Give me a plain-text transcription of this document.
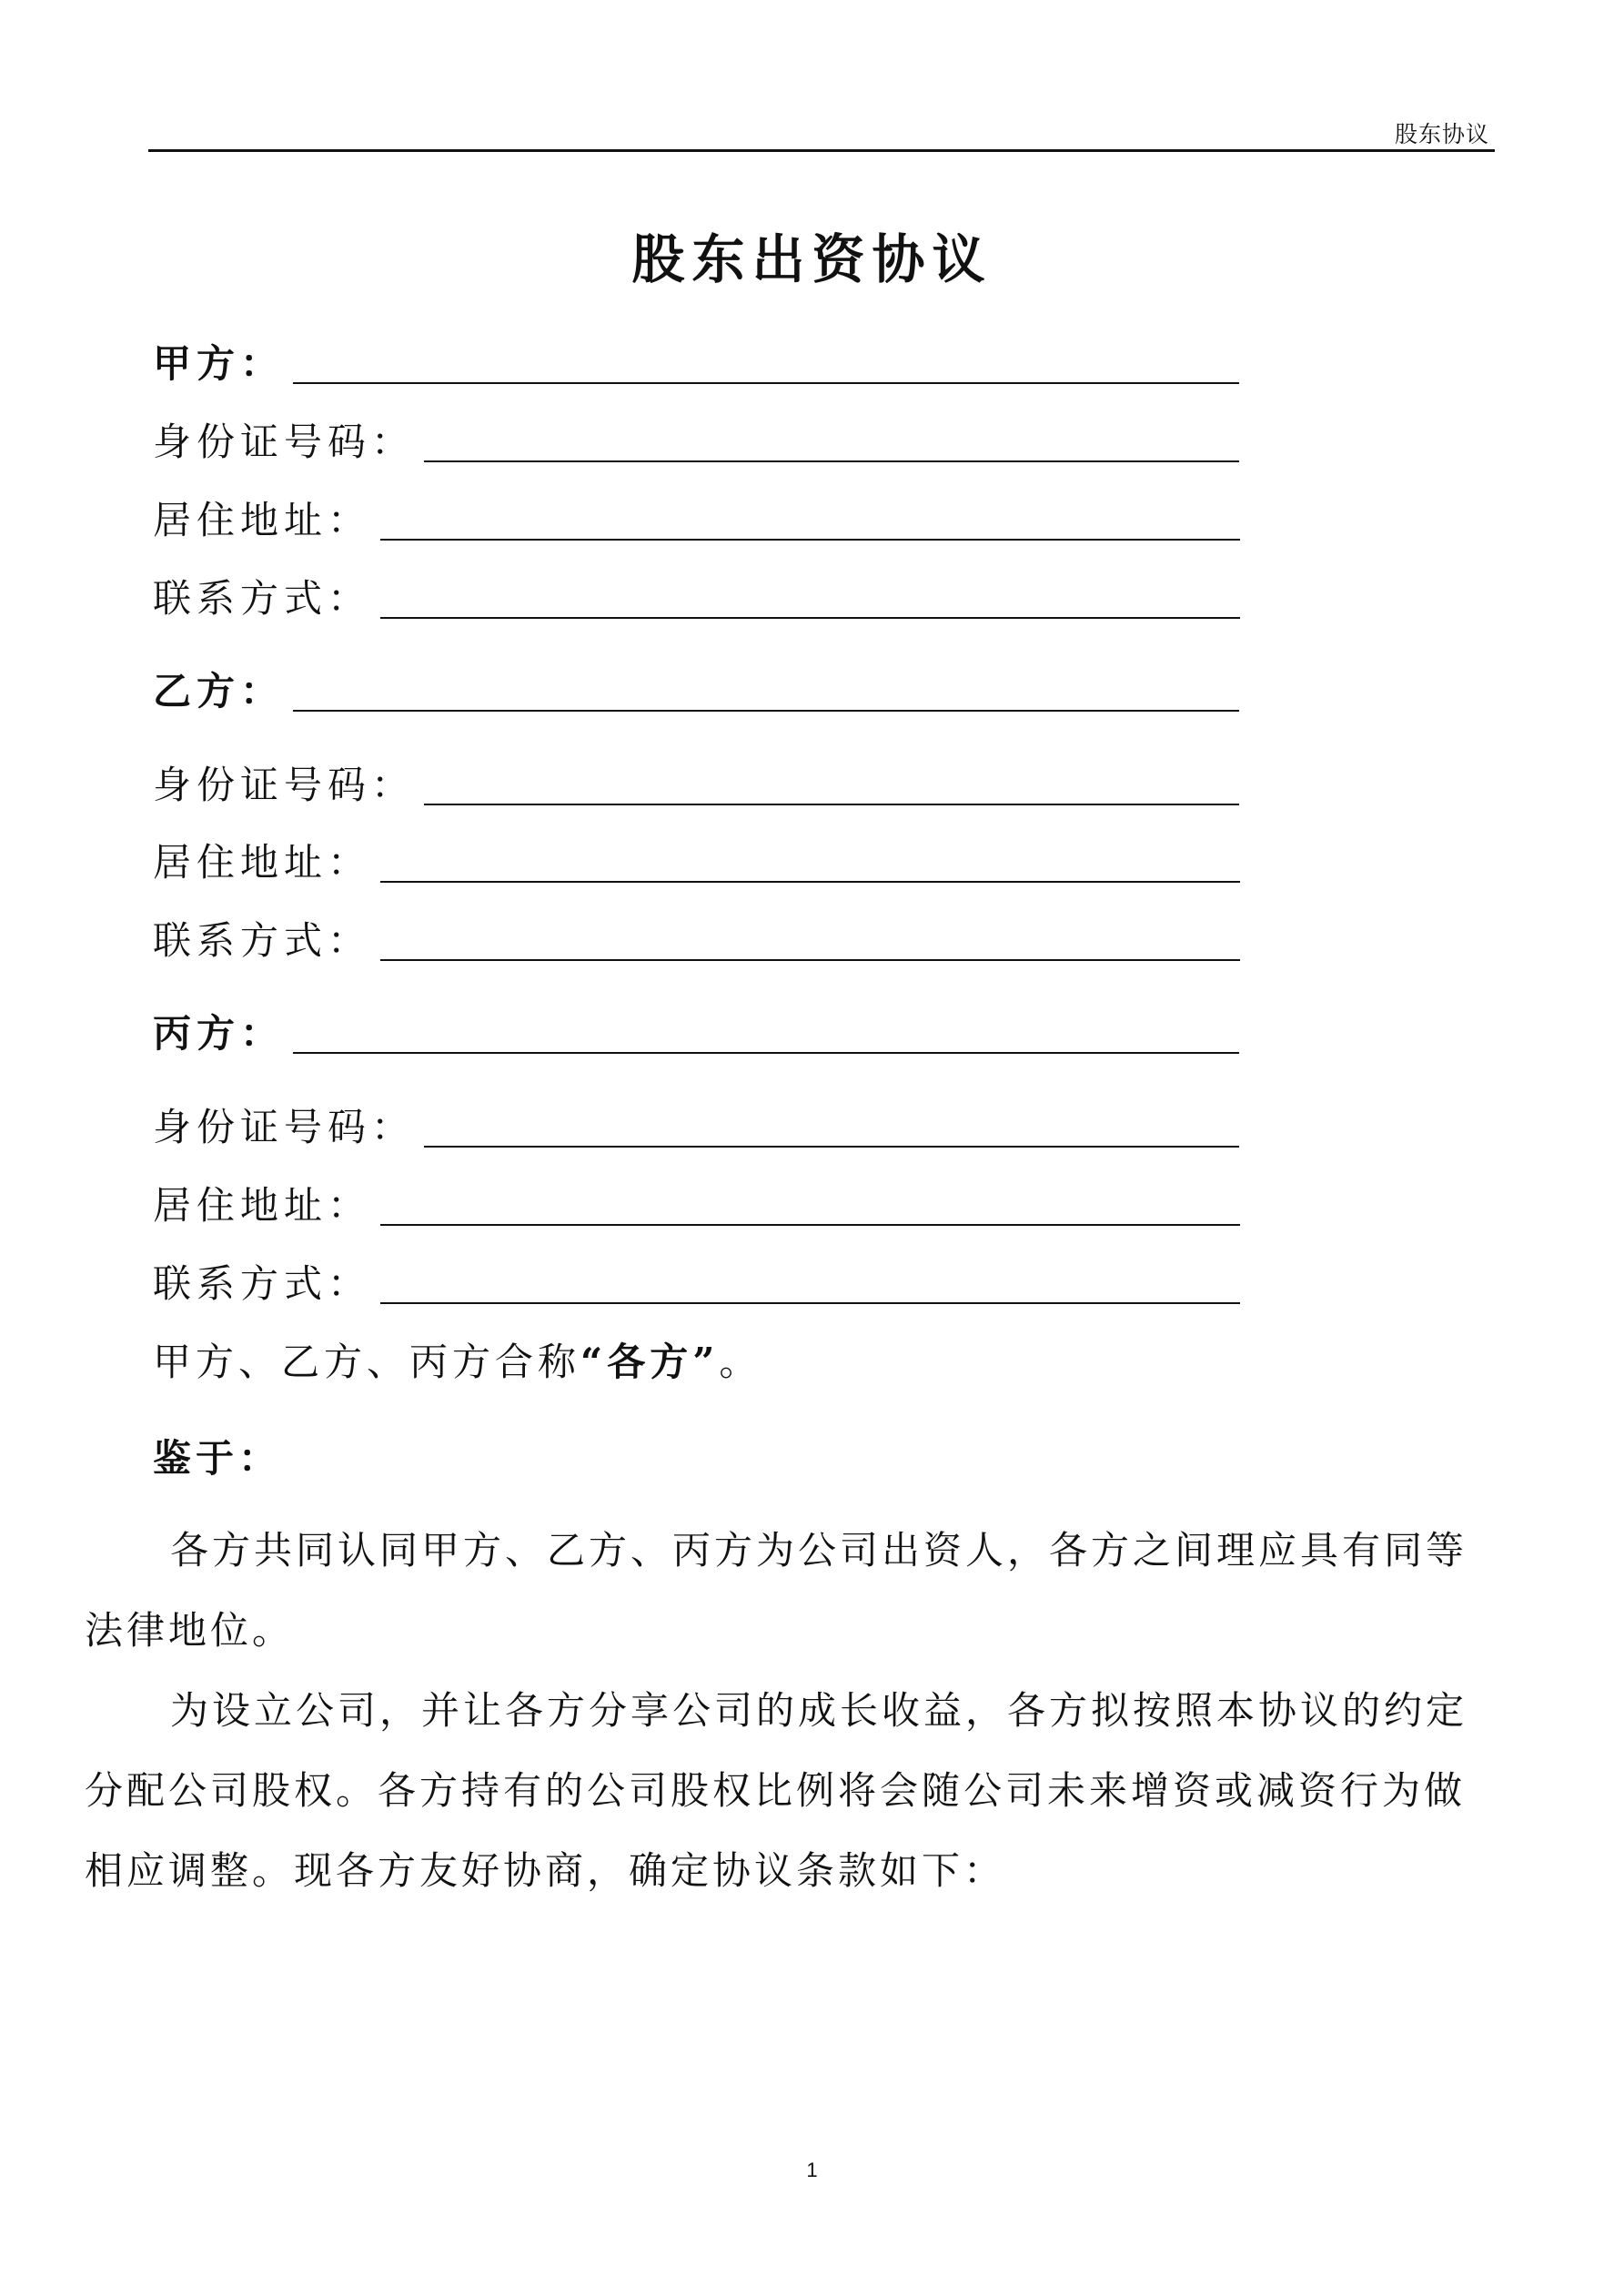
股东协议
股东出资协议
甲方：
身份证号码：
居住地址：
联系方式：
乙方：
身份证号码：
居住地址：
联系方式：
丙方：
身份证号码：
居住地址：
联系方式：
甲方、乙方、丙方合称“各方”。
鉴于：
各方共同认同甲方、乙方、丙方为公司出资人，各方之间理应具有同等法律地位。
为设立公司，并让各方分享公司的成长收益，各方拟按照本协议的约定分配公司股权。各方持有的公司股权比例将会随公司未来增资或减资行为做相应调整。现各方友好协商，确定协议条款如下：
1
